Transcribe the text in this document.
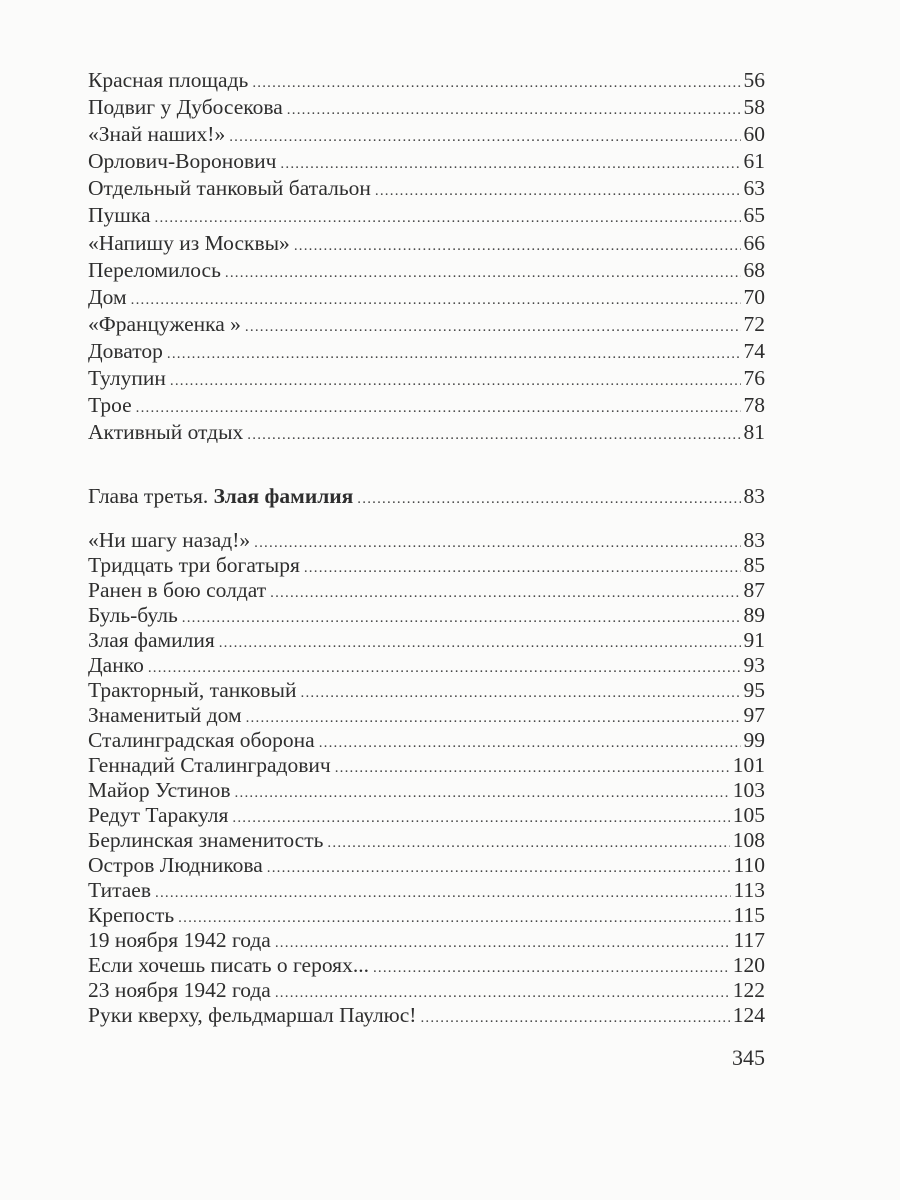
Красная площадь .....	56
Подвиг у Дубосекова .....	58
«Знай наших!» .....	60
Орлович-Воронович .....	61
Отдельный танковый батальон .....	63
Пушка .....	65
«Напишу из Москвы» .....	66
Переломилось .....	68
Дом .....	70
«Француженка » .....	72
Доватор .....	74
Тулупин .....	76
Трое .....	78
Активный отдых .....	81
Глава третья. Злая фамилия .....	83
«Ни шагу назад!» .....	83
Тридцать три богатыря .....	85
Ранен в бою солдат .....	87
Буль-буль .....	89
Злая фамилия .....	91
Данко .....	93
Тракторный, танковый .....	95
Знаменитый дом .....	97
Сталинградская оборона .....	99
Геннадий Сталинградович .....	101
Майор Устинов .....	103
Редут Таракуля .....	105
Берлинская знаменитость .....	108
Остров Людникова .....	110
Титаев .....	113
Крепость .....	115
19 ноября 1942 года .....	117
Если хочешь писать о героях... .....	120
23 ноября 1942 года .....	122
Руки кверху, фельдмаршал Паулюс! .....	124
345
